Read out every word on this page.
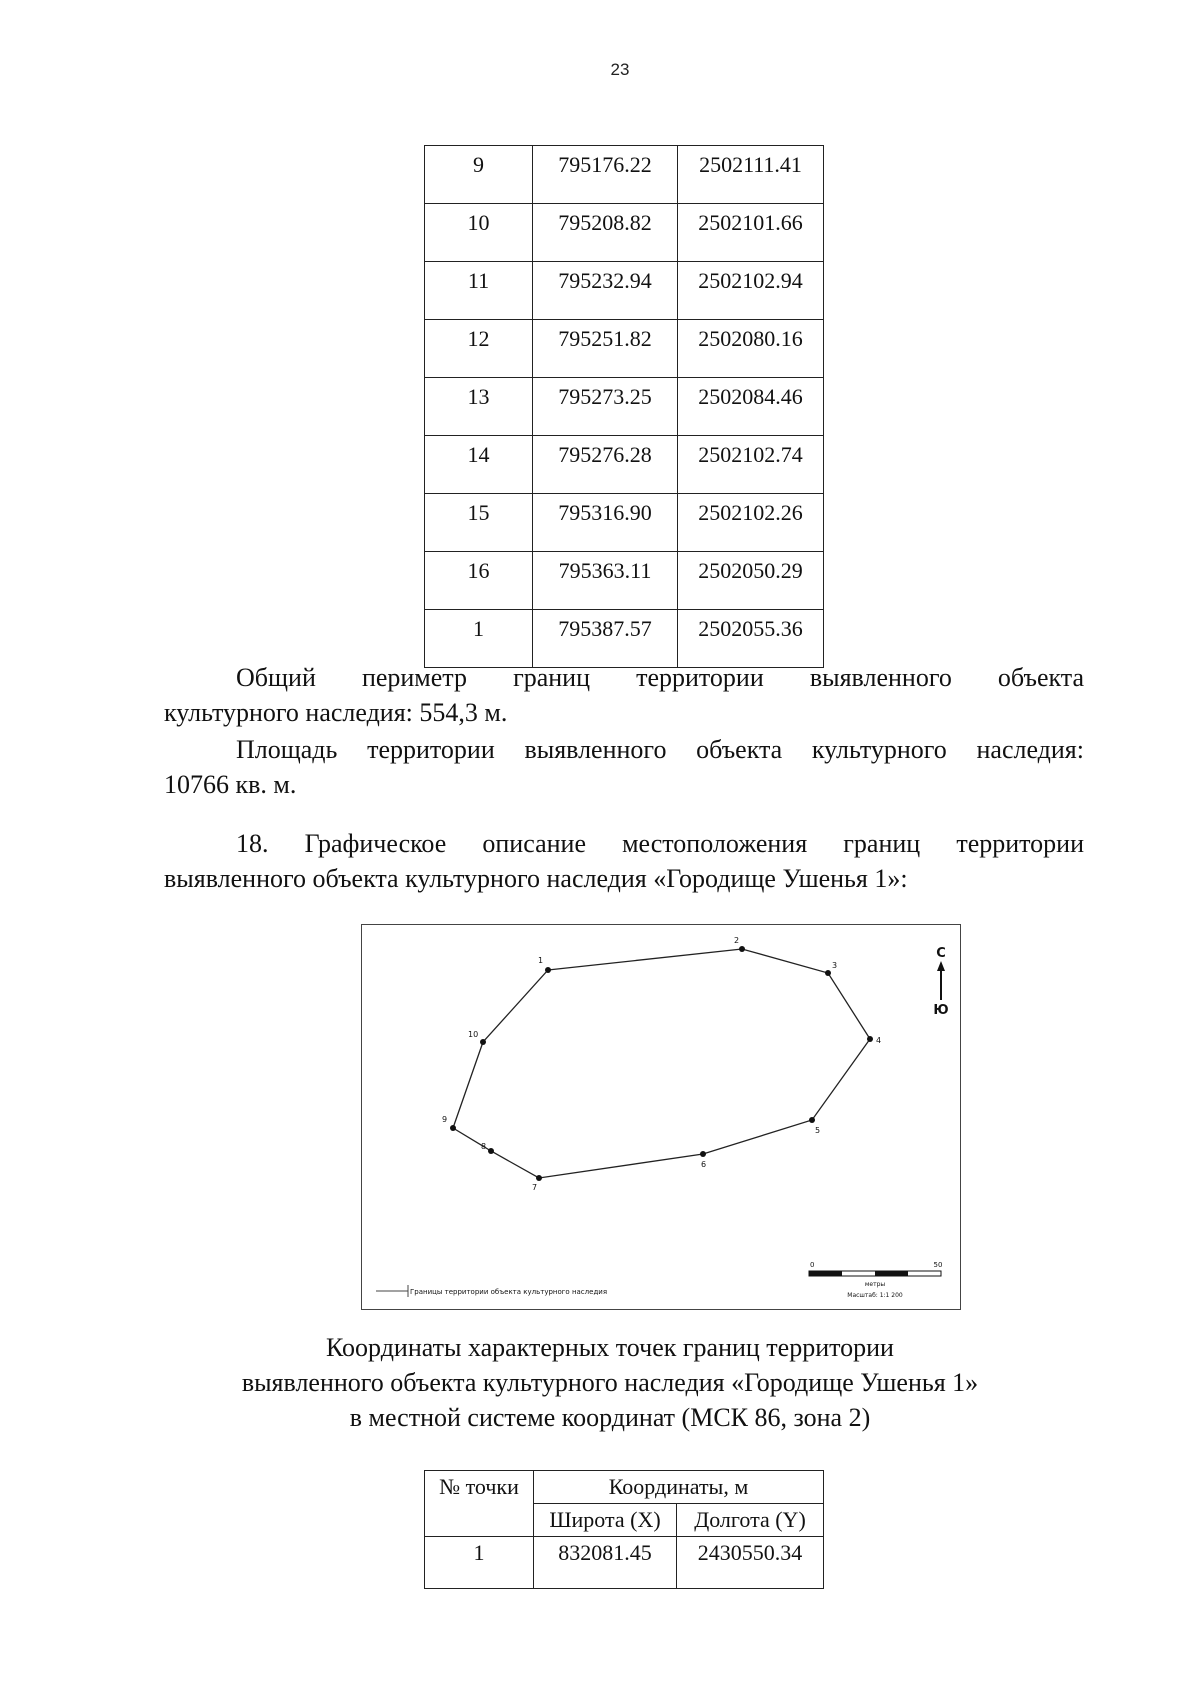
23
9	795176.22	2502111.41
10	795208.82	2502101.66
11	795232.94	2502102.94
12	795251.82	2502080.16
13	795273.25	2502084.46
14	795276.28	2502102.74
15	795316.90	2502102.26
16	795363.11	2502050.29
1	795387.57	2502055.36
Общий периметр границ территории выявленного объекта
культурного наследия: 554,3 м.
Площадь территории выявленного объекта культурного наследия:
10766 кв. м.
18. Графическое описание местоположения границ территории
выявленного объекта культурного наследия «Городище Ушенья 1»:
1
2
3
4
5
6
7
8
9
10
С
Ю
Границы территории объекта культурного наследия
0	50
метры
Масштаб: 1:1 200
Координаты характерных точек границ территории
выявленного объекта культурного наследия «Городище Ушенья 1»
в местной системе координат (МСК 86, зона 2)
№ точки	Координаты, м	
	Широта (X)	Долгота (Y)
1	832081.45	2430550.34
